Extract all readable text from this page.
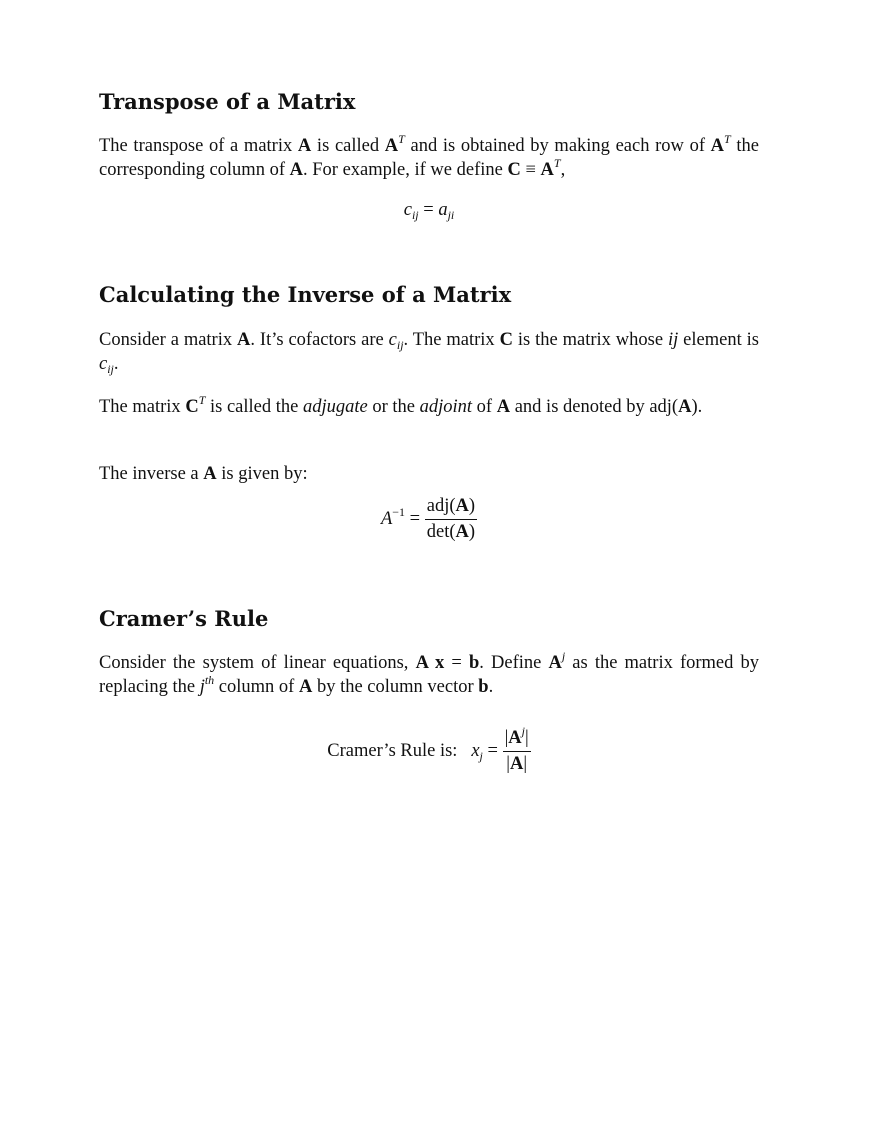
Transpose of a Matrix

The transpose of a matrix A is called $A^T$ and is obtained by making each row of $A^T$ the corresponding column of A. For example, if we define $C \equiv A^T$,

$c_{ij} = a_{ji}$
Calculating the Inverse of a Matrix

Consider a matrix A. It’s cofactors are $c_{ij}$. The matrix C is the matrix whose ij element is $c_{ij}$.

The matrix $C^T$ is called the adjugate or the adjoint of A and is denoted by adj(A).

The inverse a A is given by:

$A^{-1} = \frac{\text{adj(A)}}{\det(A)}$
Cramer’s Rule

Consider the system of linear equations, A x = b. Define $A^j$ as the matrix formed by replacing the $j^{th}$ column of A by the column vector b.

Cramer’s Rule is: $x_j = \frac{|A^j|}{|A|}$
